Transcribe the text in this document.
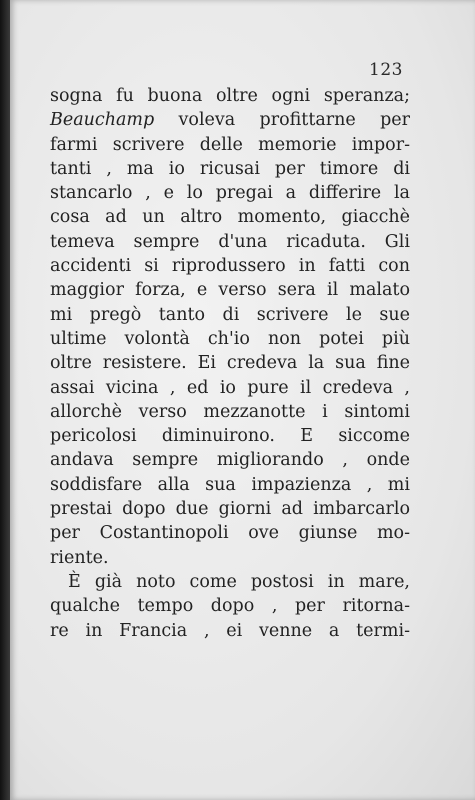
123
sogna fu buona oltre ogni speranza;
Beauchamp voleva profittarne per
farmi scrivere delle memorie impor-
tanti , ma io ricusai per timore di
stancarlo , e lo pregai a differire la
cosa ad un altro momento, giacchè
temeva sempre d'una ricaduta. Gli
accidenti si riprodussero in fatti con
maggior forza, e verso sera il malato
mi pregò tanto di scrivere le sue
ultime volontà ch'io non potei più
oltre resistere. Ei credeva la sua fine
assai vicina , ed io pure il credeva ,
allorchè verso mezzanotte i sintomi
pericolosi diminuirono. E siccome
andava sempre migliorando , onde
soddisfare alla sua impazienza , mi
prestai dopo due giorni ad imbarcarlo
per Costantinopoli ove giunse mo-
riente.
È già noto come postosi in mare,
qualche tempo dopo , per ritorna-
re in Francia , ei venne a termi-
